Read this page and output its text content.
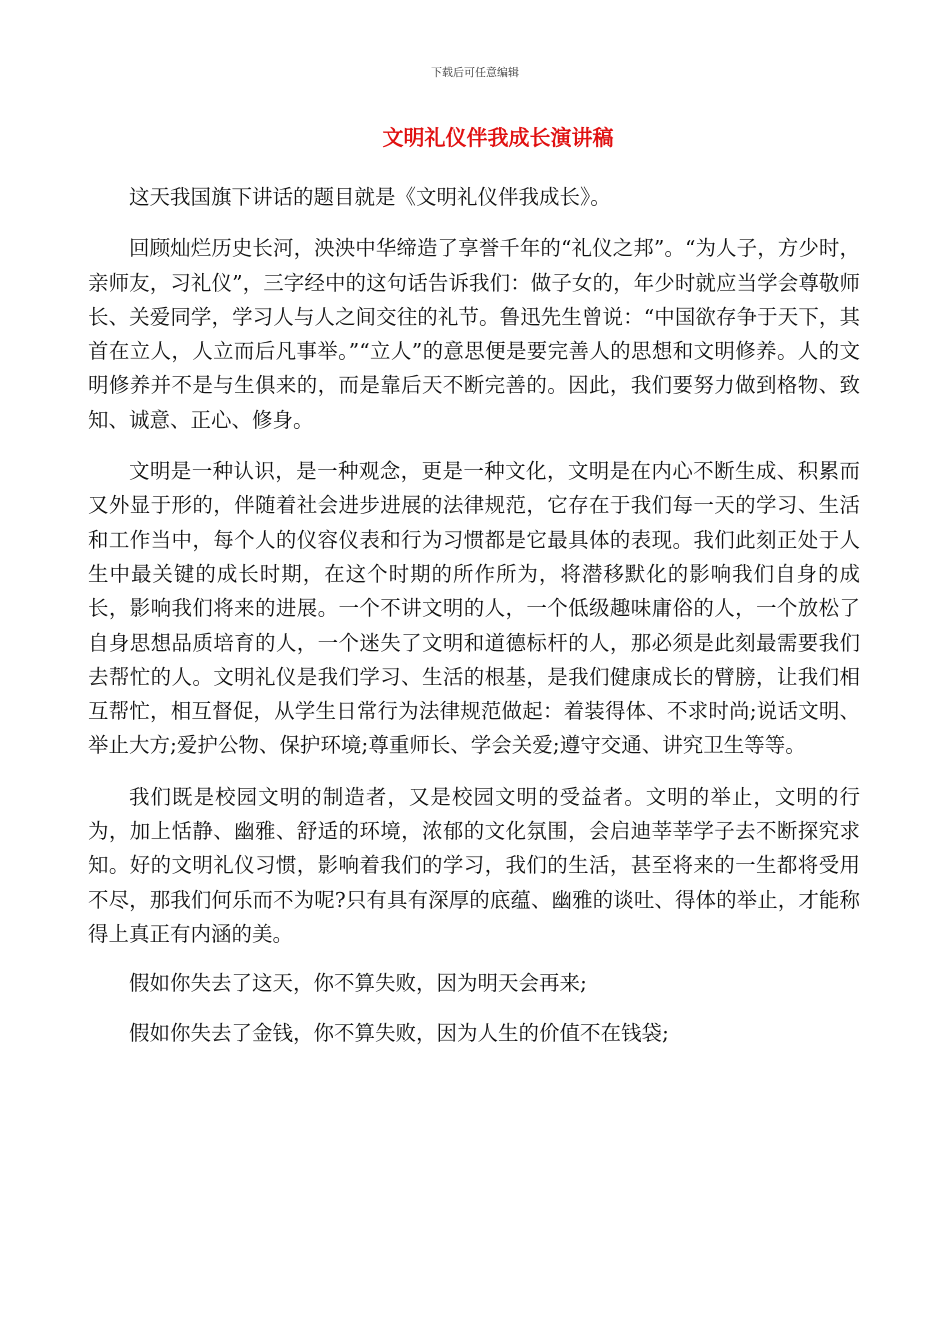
下载后可任意编辑
文明礼仪伴我成长演讲稿

这天我国旗下讲话的题目就是《文明礼仪伴我成长》。

回顾灿烂历史长河，泱泱中华缔造了享誉千年的“礼仪之邦”。“为人子，方少时，亲师友，习礼仪”，三字经中的这句话告诉我们：做子女的，年少时就应当学会尊敬师长、关爱同学，学习人与人之间交往的礼节。鲁迅先生曾说：“中国欲存争于天下，其首在立人，人立而后凡事举。”“立人”的意思便是要完善人的思想和文明修养。人的文明修养并不是与生俱来的，而是靠后天不断完善的。因此，我们要努力做到格物、致知、诚意、正心、修身。

文明是一种认识，是一种观念，更是一种文化，文明是在内心不断生成、积累而又外显于形的，伴随着社会进步进展的法律规范，它存在于我们每一天的学习、生活和工作当中，每个人的仪容仪表和行为习惯都是它最具体的表现。我们此刻正处于人生中最关键的成长时期，在这个时期的所作所为，将潜移默化的影响我们自身的成长，影响我们将来的进展。一个不讲文明的人，一个低级趣味庸俗的人，一个放松了自身思想品质培育的人，一个迷失了文明和道德标杆的人，那必须是此刻最需要我们去帮忙的人。文明礼仪是我们学习、生活的根基，是我们健康成长的臂膀，让我们相互帮忙，相互督促，从学生日常行为法律规范做起：着装得体、不求时尚;说话文明、举止大方;爱护公物、保护环境;尊重师长、学会关爱;遵守交通、讲究卫生等等。

我们既是校园文明的制造者，又是校园文明的受益者。文明的举止，文明的行为，加上恬静、幽雅、舒适的环境，浓郁的文化氛围，会启迪莘莘学子去不断探究求知。好的文明礼仪习惯，影响着我们的学习，我们的生活，甚至将来的一生都将受用不尽，那我们何乐而不为呢?只有具有深厚的底蕴、幽雅的谈吐、得体的举止，才能称得上真正有内涵的美。

假如你失去了这天，你不算失败，因为明天会再来;

假如你失去了金钱，你不算失败，因为人生的价值不在钱袋;
